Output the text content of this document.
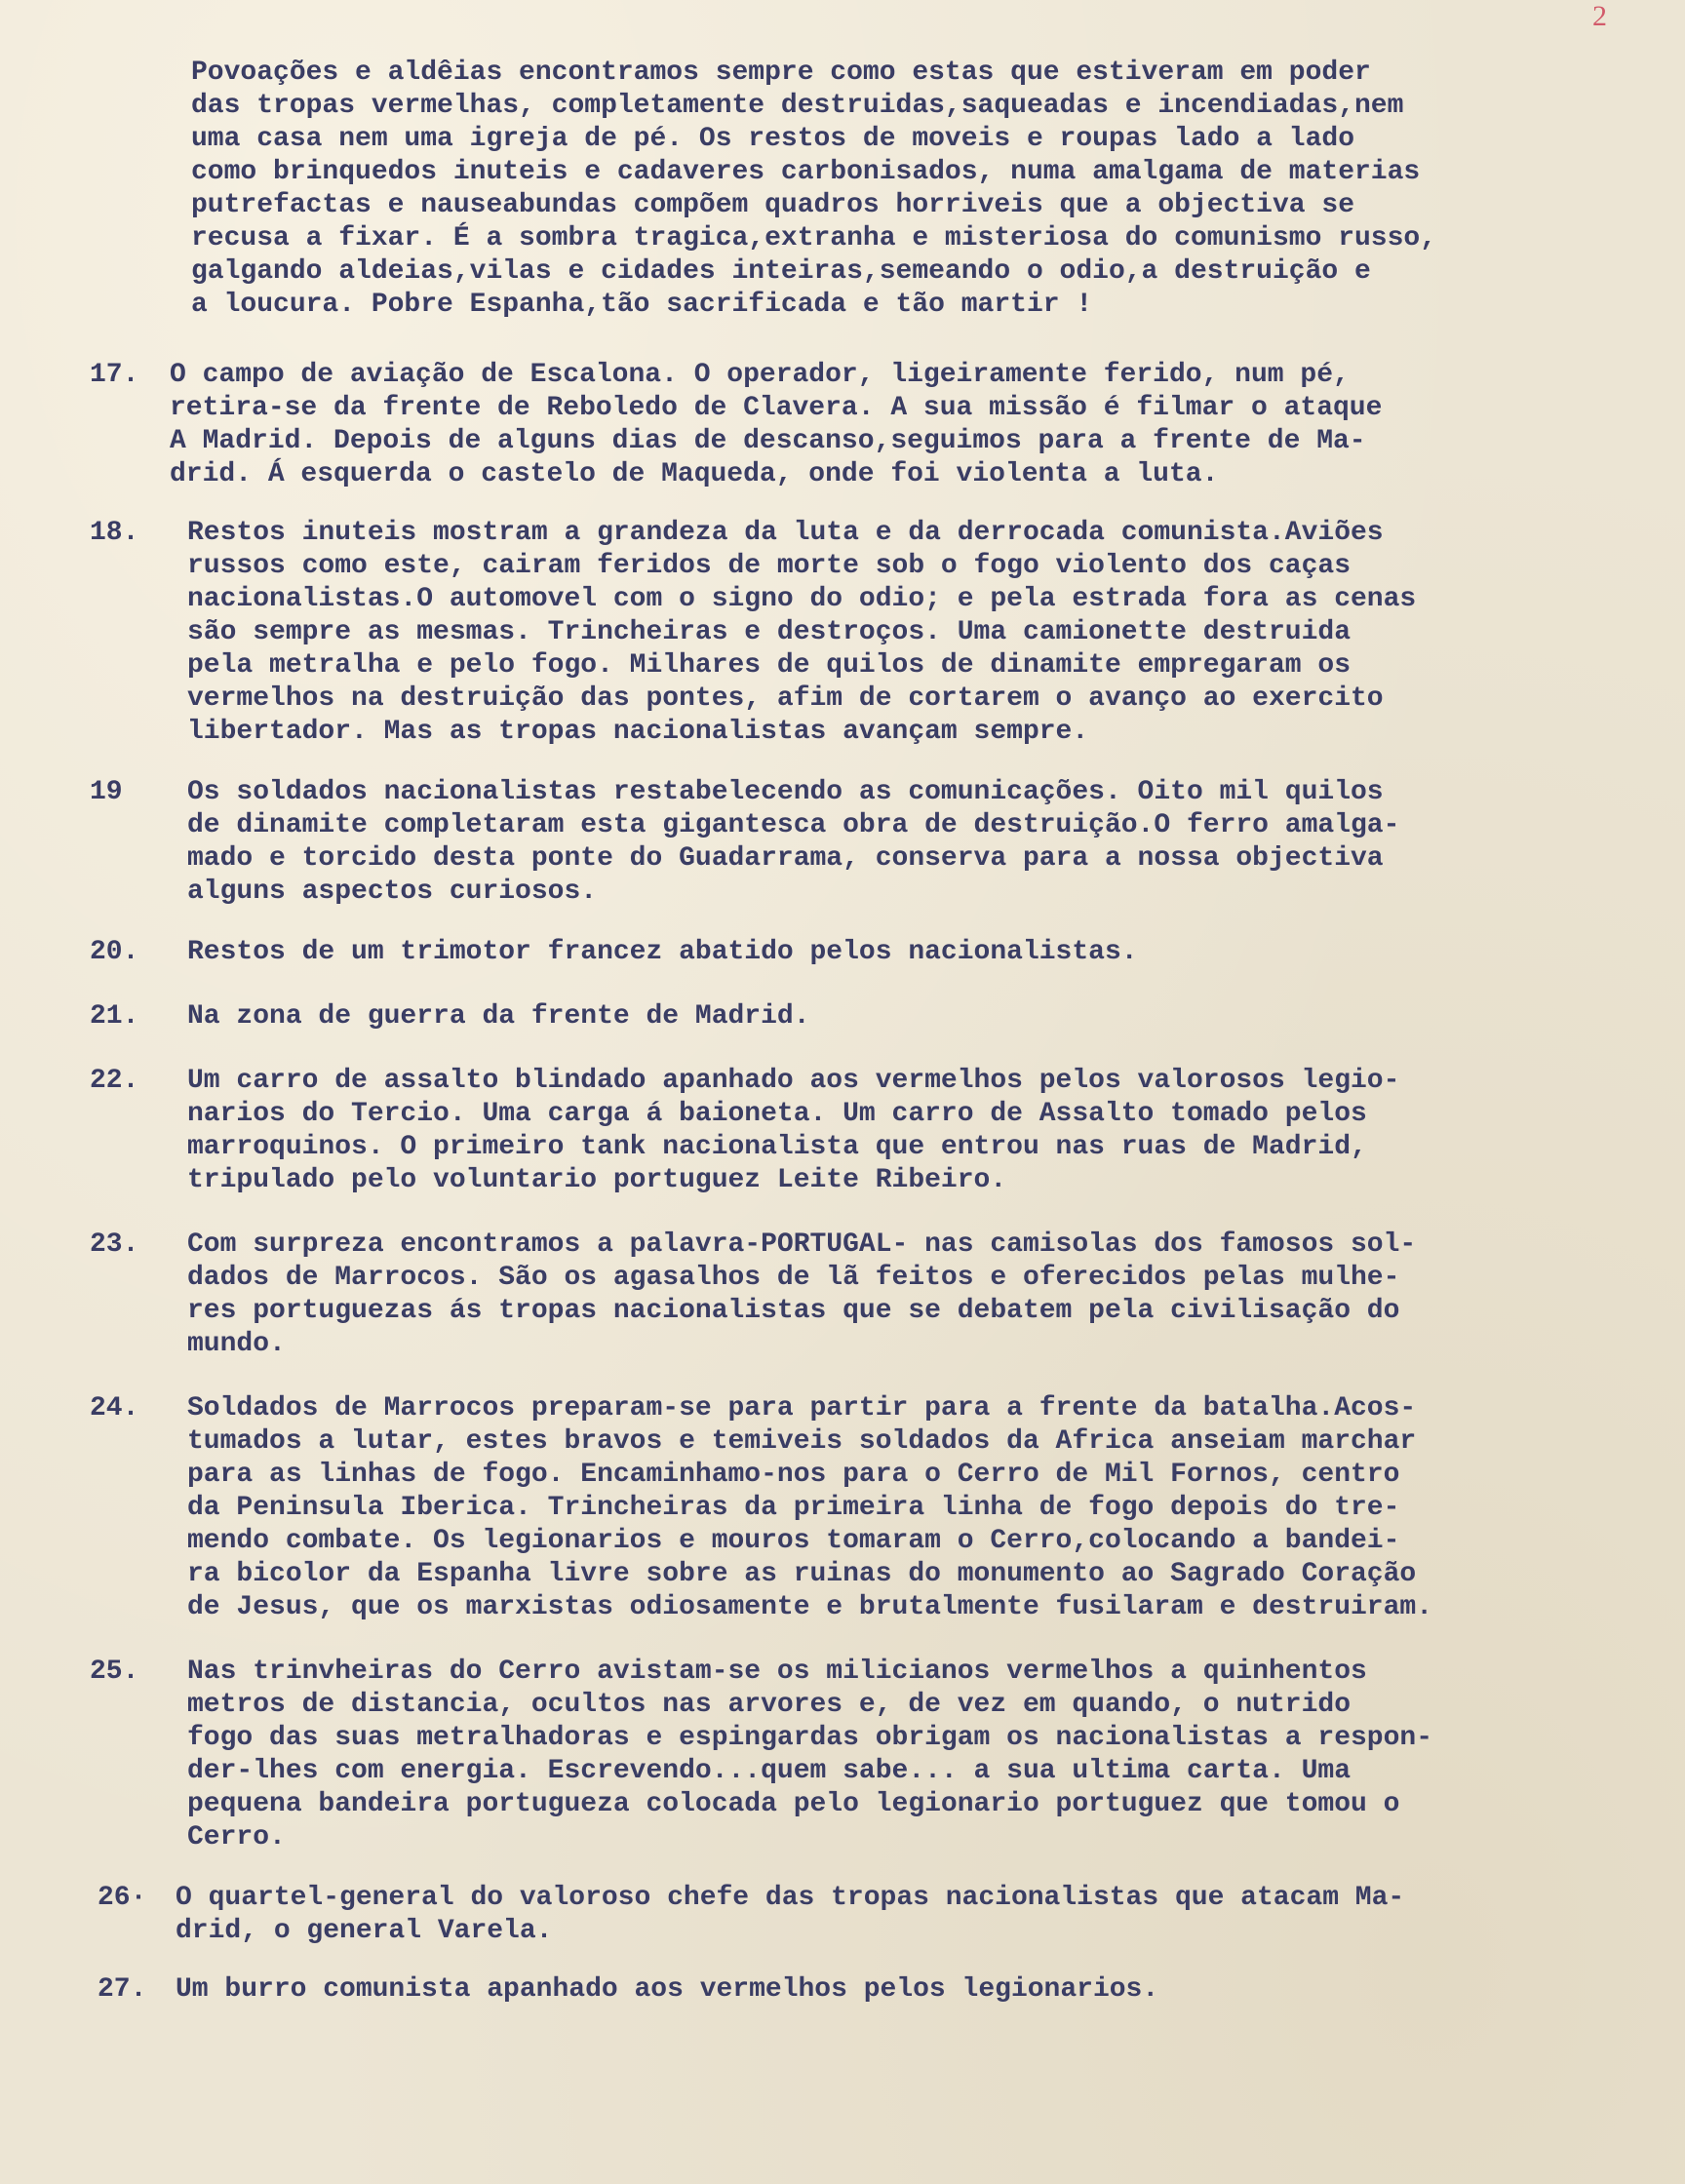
2
Povoações e aldêias encontramos sempre como estas que estiveram em poder
das tropas vermelhas, completamente destruidas,saqueadas e incendiadas,nem
uma casa nem uma igreja de pé. Os restos de moveis e roupas lado a lado
como brinquedos inuteis e cadaveres carbonisados, numa amalgama de materias
putrefactas e nauseabundas compõem quadros horriveis que a objectiva se
recusa a fixar. É a sombra tragica,extranha e misteriosa do comunismo russo,
galgando aldeias,vilas e cidades inteiras,semeando o odio,a destruição e
a loucura. Pobre Espanha,tão sacrificada e tão martir !
17.	O campo de aviação de Escalona. O operador, ligeiramente ferido, num pé,
retira-se da frente de Reboledo de Clavera. A sua missão é filmar o ataque
A Madrid. Depois de alguns dias de descanso,seguimos para a frente de Ma-
drid. Á esquerda o castelo de Maqueda, onde foi violenta a luta.
18.	Restos inuteis mostram a grandeza da luta e da derrocada comunista.Aviões
russos como este, cairam feridos de morte sob o fogo violento dos caças
nacionalistas.O automovel com o signo do odio; e pela estrada fora as cenas
são sempre as mesmas. Trincheiras e destroços. Uma camionette destruida
pela metralha e pelo fogo. Milhares de quilos de dinamite empregaram os
vermelhos na destruição das pontes, afim de cortarem o avanço ao exercito
libertador. Mas as tropas nacionalistas avançam sempre.
19	Os soldados nacionalistas restabelecendo as comunicações. Oito mil quilos
de dinamite completaram esta gigantesca obra de destruição.O ferro amalga-
mado e torcido desta ponte do Guadarrama, conserva para a nossa objectiva
alguns aspectos curiosos.
20.	Restos de um trimotor francez abatido pelos nacionalistas.
21.	Na zona de guerra da frente de Madrid.
22.	Um carro de assalto blindado apanhado aos vermelhos pelos valorosos legio-
narios do Tercio. Uma carga á baioneta. Um carro de Assalto tomado pelos
marroquinos. O primeiro tank nacionalista que entrou nas ruas de Madrid,
tripulado pelo voluntario portuguez Leite Ribeiro.
23.	Com surpreza encontramos a palavra-PORTUGAL- nas camisolas dos famosos sol-
dados de Marrocos. São os agasalhos de lã feitos e oferecidos pelas mulhe-
res portuguezas ás tropas nacionalistas que se debatem pela civilisação do
mundo.
24.	Soldados de Marrocos preparam-se para partir para a frente da batalha.Acos-
tumados a lutar, estes bravos e temiveis soldados da Africa anseiam marchar
para as linhas de fogo. Encaminhamo-nos para o Cerro de Mil Fornos, centro
da Peninsula Iberica. Trincheiras da primeira linha de fogo depois do tre-
mendo combate. Os legionarios e mouros tomaram o Cerro,colocando a bandei-
ra bicolor da Espanha livre sobre as ruinas do monumento ao Sagrado Coração
de Jesus, que os marxistas odiosamente e brutalmente fusilaram e destruiram.
25.	Nas trinvheiras do Cerro avistam-se os milicianos vermelhos a quinhentos
metros de distancia, ocultos nas arvores e, de vez em quando, o nutrido
fogo das suas metralhadoras e espingardas obrigam os nacionalistas a respon-
der-lhes com energia. Escrevendo...quem sabe... a sua ultima carta. Uma
pequena bandeira portugueza colocada pelo legionario portuguez que tomou o
Cerro.
26·	O quartel-general do valoroso chefe das tropas nacionalistas que atacam Ma-
drid, o general Varela.
27.	Um burro comunista apanhado aos vermelhos pelos legionarios.
